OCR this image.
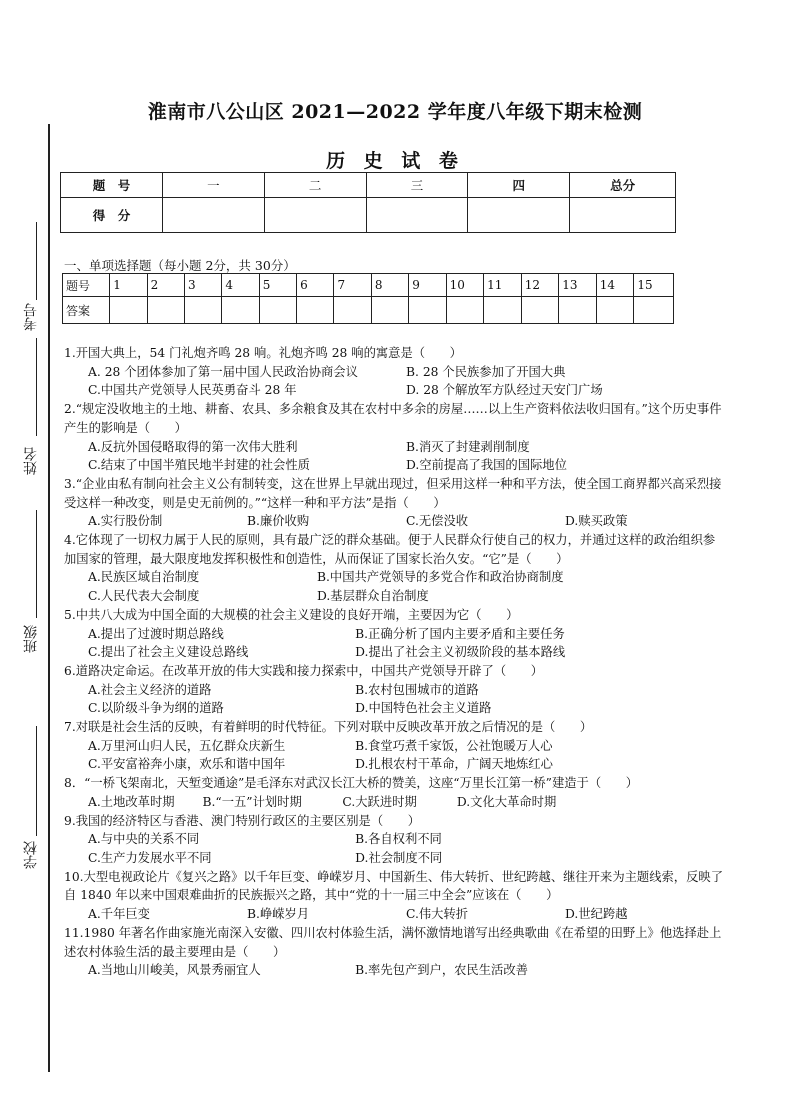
淮南市八公山区 2021—2022 学年度八年级下期末检测
历 史 试 卷
考号
姓名
班级
学校
题　号	一	二	三	四	总分
得　分					
一、单项选择题（每小题 2分，共 30分）
题号	1	2	3	4	5	6	7	8	9	10	11	12	13	14	15
答案															

1.开国大典上，54 门礼炮齐鸣 28 响。礼炮齐鸣 28 响的寓意是（　　）

A. 28 个团体参加了第一届中国人民政治协商会议	B. 28 个民族参加了开国大典
C.中国共产党领导人民英勇奋斗 28 年	D. 28 个解放军方队经过天安门广场

2.“规定没收地主的土地、耕畜、农具、多余粮食及其在农村中多余的房屋……以上生产资料依法收归国有。”这个历史事件产生的影响是（　　）

A.反抗外国侵略取得的第一次伟大胜利	B.消灭了封建剥削制度
C.结束了中国半殖民地半封建的社会性质	D.空前提高了我国的国际地位

3.“企业由私有制向社会主义公有制转变，这在世界上早就出现过，但采用这样一种和平方法，使全国工商界都兴高采烈接受这样一种改变，则是史无前例的。”“这样一种和平方法”是指（　　）

A.实行股份制	B.廉价收购	C.无偿没收	D.赎买政策

4.它体现了一切权力属于人民的原则，具有最广泛的群众基础。便于人民群众行使自己的权力，并通过这样的政治组织参加国家的管理，最大限度地发挥积极性和创造性，从而保证了国家长治久安。“它”是（　　）

A.民族区域自治制度	B.中国共产党领导的多党合作和政治协商制度
C.人民代表大会制度	D.基层群众自治制度

5.中共八大成为中国全面的大规模的社会主义建设的良好开端，主要因为它（　　）

A.提出了过渡时期总路线	B.正确分析了国内主要矛盾和主要任务
C.提出了社会主义建设总路线	D.提出了社会主义初级阶段的基本路线

6.道路决定命运。在改革开放的伟大实践和接力探索中，中国共产党领导开辟了（　　）

A.社会主义经济的道路	B.农村包围城市的道路
C.以阶级斗争为纲的道路	D.中国特色社会主义道路

7.对联是社会生活的反映，有着鲜明的时代特征。下列对联中反映改革开放之后情况的是（　　）

A.万里河山归人民，五亿群众庆新生	B.食堂巧煮千家饭，公社饱暖万人心
C.平安富裕奔小康，欢乐和谐中国年	D.扎根农村干革命，广阔天地炼红心

8．“一桥飞架南北，天堑变通途”是毛泽东对武汉长江大桥的赞美，这座“万里长江第一桥”建造于（　　）

A.土地改革时期	B.“一五”计划时期	C.大跃进时期	D.文化大革命时期

9.我国的经济特区与香港、澳门特别行政区的主要区别是（　　）

A.与中央的关系不同	B.各自权利不同
C.生产力发展水平不同	D.社会制度不同

10.大型电视政论片《复兴之路》以千年巨变、峥嵘岁月、中国新生、伟大转折、世纪跨越、继往开来为主题线索，反映了自 1840 年以来中国艰难曲折的民族振兴之路，其中“党的十一届三中全会”应该在（　　）

A.千年巨变	B.峥嵘岁月	C.伟大转折	D.世纪跨越

11.1980 年著名作曲家施光南深入安徽、四川农村体验生活，满怀激情地谱写出经典歌曲《在希望的田野上》他选择赴上述农村体验生活的最主要理由是（　　）

A.当地山川峻美，风景秀丽宜人	B.率先包产到户，农民生活改善
